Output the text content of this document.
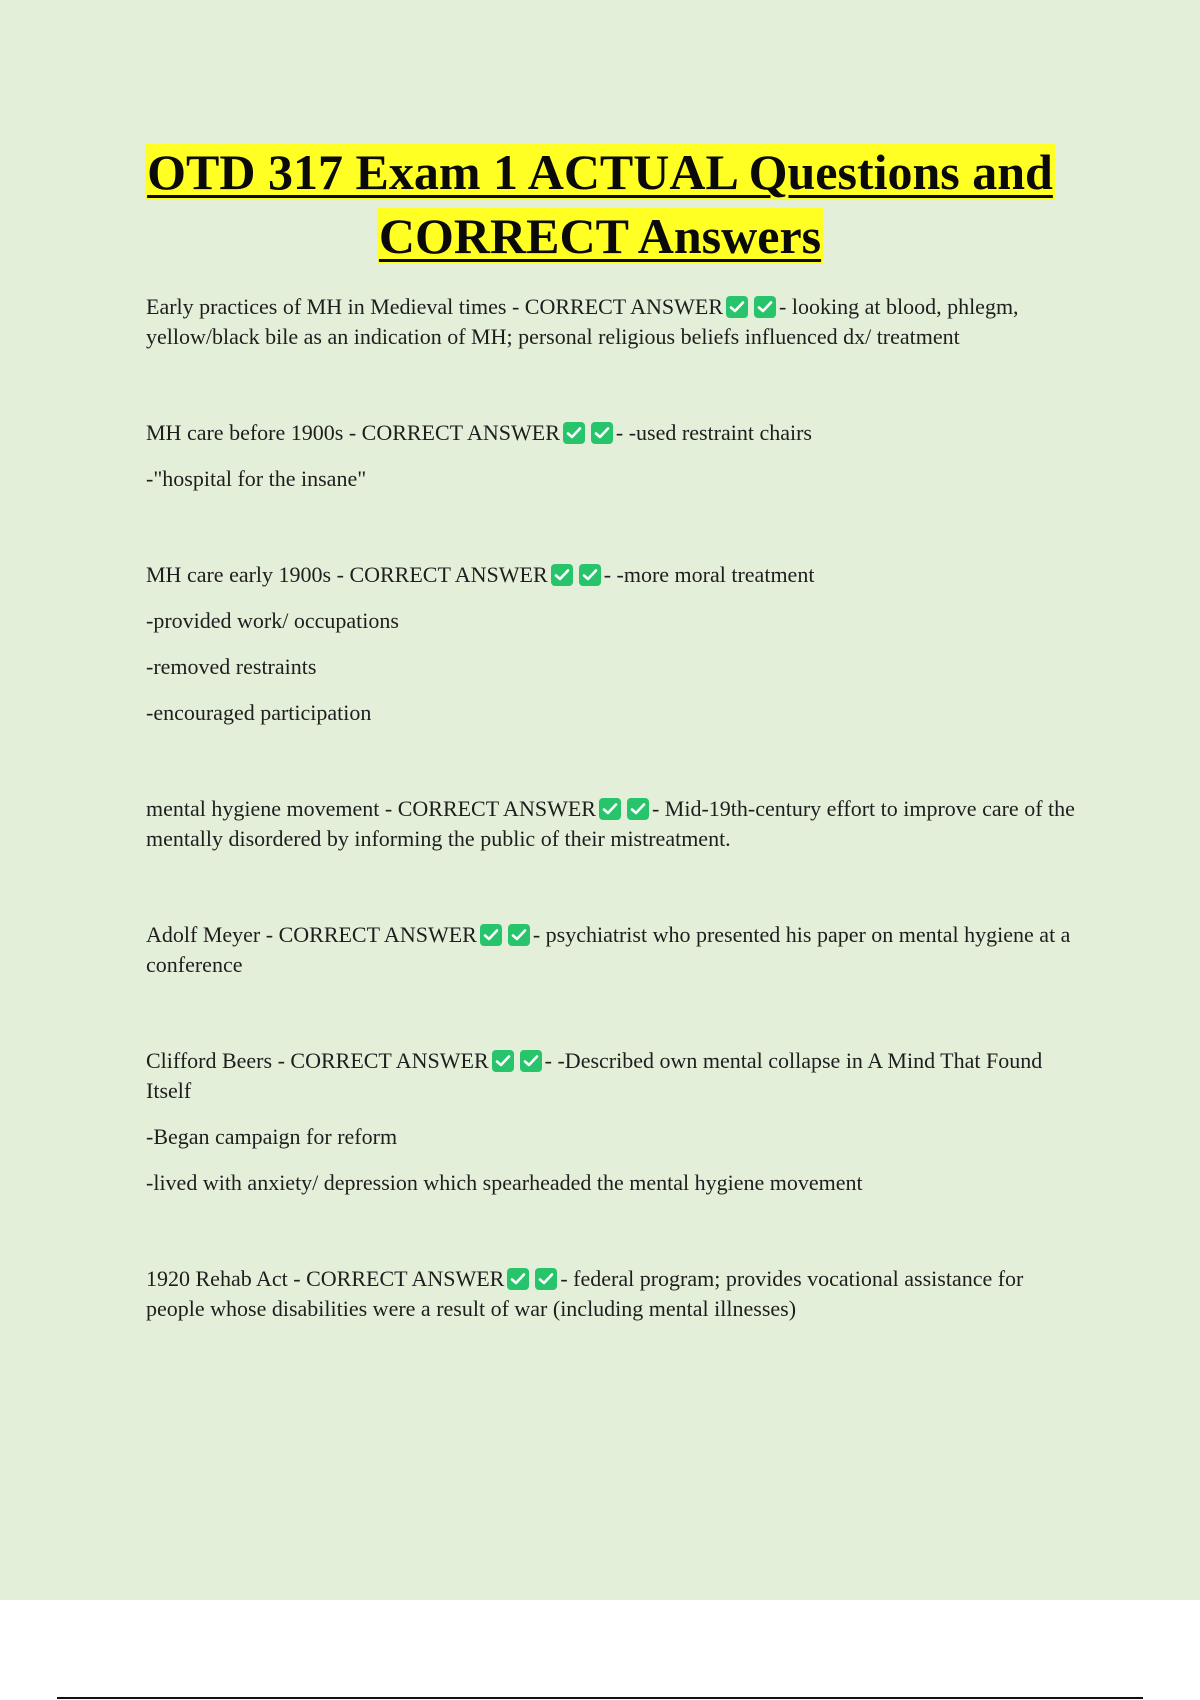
OTD 317 Exam 1 ACTUAL Questions and
CORRECT Answers

Early practices of MH in Medieval times - CORRECT ANSWER	- looking at blood, phlegm, yellow/black bile as an indication of MH; personal religious beliefs influenced dx/ treatment

MH care before 1900s - CORRECT ANSWER	- -used restraint chairs

-"hospital for the insane"

MH care early 1900s - CORRECT ANSWER	- -more moral treatment

-provided work/ occupations

-removed restraints

-encouraged participation

mental hygiene movement - CORRECT ANSWER	- Mid-19th-century effort to improve care of the mentally disordered by informing the public of their mistreatment.

Adolf Meyer - CORRECT ANSWER	- psychiatrist who presented his paper on mental hygiene at a conference

Clifford Beers - CORRECT ANSWER	- -Described own mental collapse in A Mind That Found Itself

-Began campaign for reform

-lived with anxiety/ depression which spearheaded the mental hygiene movement

1920 Rehab Act - CORRECT ANSWER	- federal program; provides vocational assistance for people whose disabilities were a result of war (including mental illnesses)
